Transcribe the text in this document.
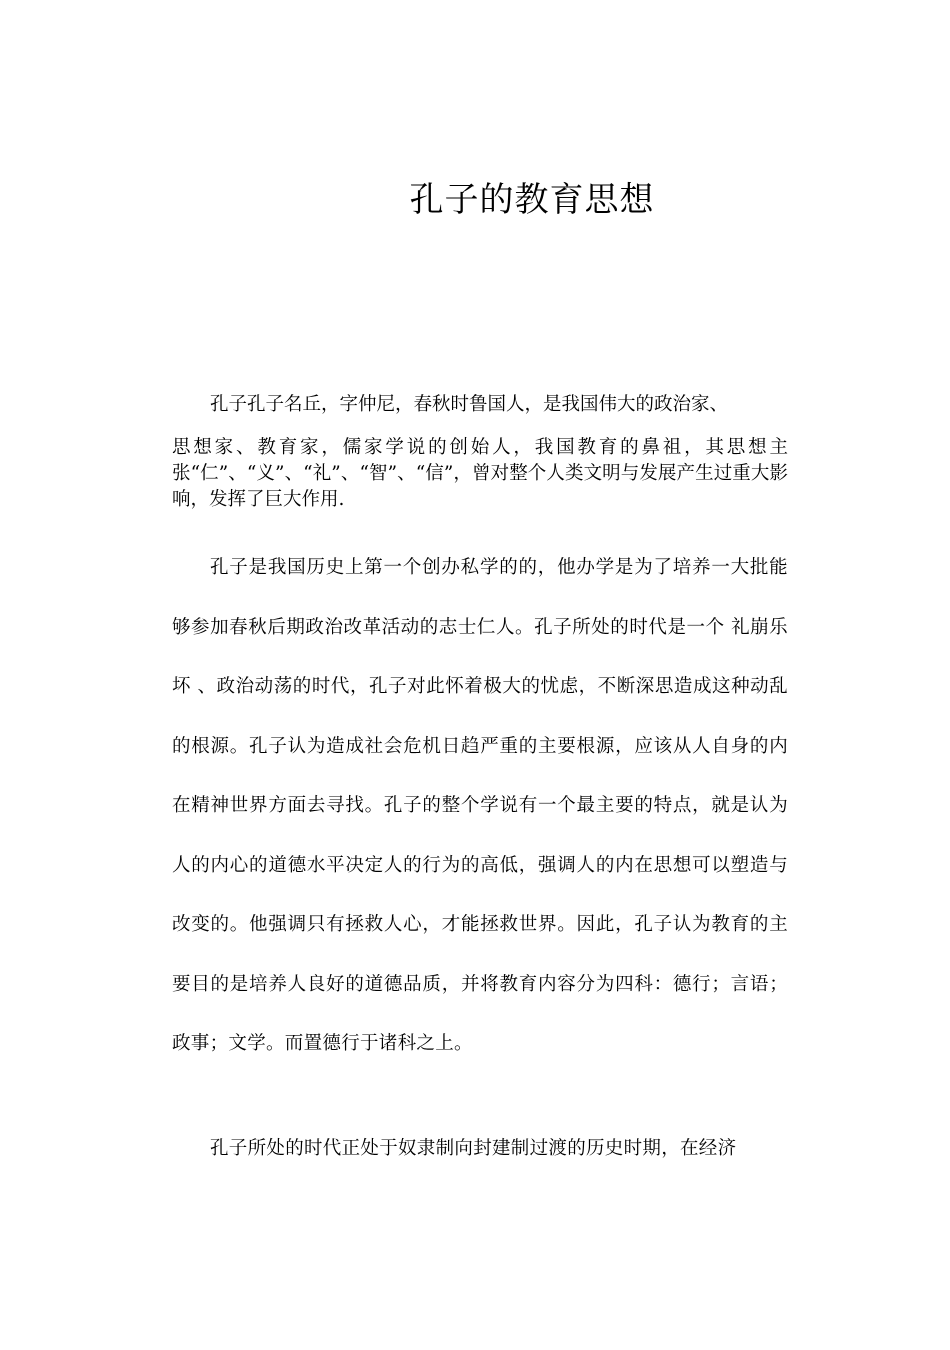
孔子的教育思想

孔子孔子名丘，字仲尼，春秋时鲁国人，是我国伟大的政治家、
思想家、教育家，儒家学说的创始人，我国教育的鼻祖，其思想主张“仁”、“义”、“礼”、“智”、“信”，曾对整个人类文明与发展产生过重大影响，发挥了巨大作用.

孔子是我国历史上第一个创办私学的的，他办学是为了培养一大批能够参加春秋后期政治改革活动的志士仁人。孔子所处的时代是一个 礼崩乐坏 、政治动荡的时代，孔子对此怀着极大的忧虑，不断深思造成这种动乱的根源。孔子认为造成社会危机日趋严重的主要根源，应该从人自身的内在精神世界方面去寻找。孔子的整个学说有一个最主要的特点，就是认为人的内心的道德水平决定人的行为的高低，强调人的内在思想可以塑造与改变的。他强调只有拯救人心，才能拯救世界。因此，孔子认为教育的主要目的是培养人良好的道德品质，并将教育内容分为四科：德行；言语；政事；文学。而置德行于诸科之上。

孔子所处的时代正处于奴隶制向封建制过渡的历史时期，在经济
